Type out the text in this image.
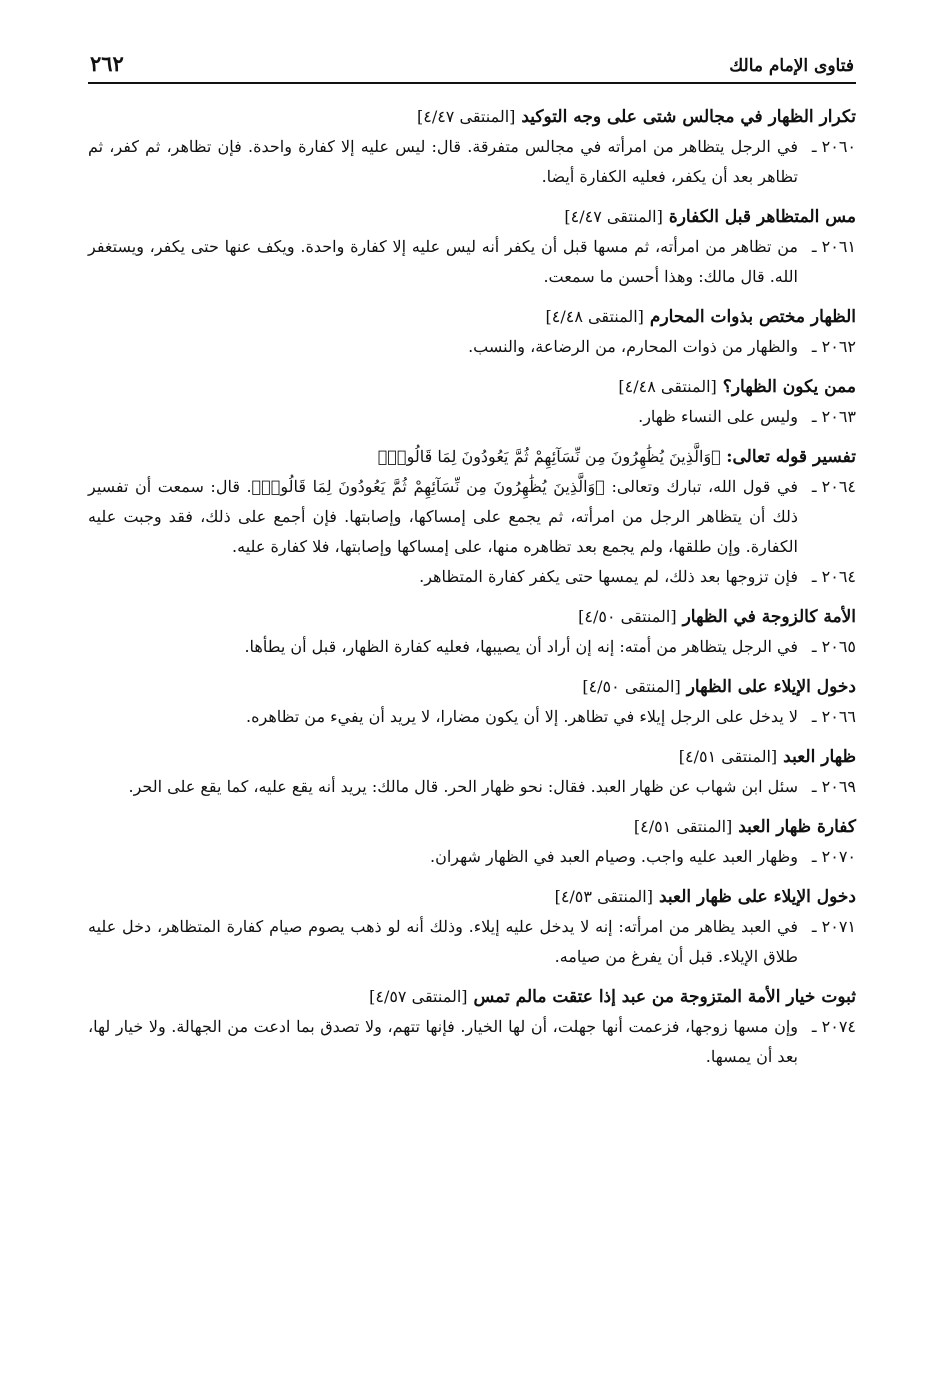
فتاوى الإمام مالك
٢٦٢

تكرار الظهار في مجالس شتى على وجه التوكيد[المنتقى ٤/٤٧]

٢٠٦٠ ـ
في الرجل يتظاهر من امرأته في مجالس متفرقة. قال: ليس عليه إلا كفارة واحدة. فإن تظاهر، ثم كفر، ثم تظاهر بعد أن يكفر، فعليه الكفارة أيضا.

مس المتظاهر قبل الكفارة[المنتقى ٤/٤٧]

٢٠٦١ ـ
من تظاهر من امرأته، ثم مسها قبل أن يكفر أنه ليس عليه إلا كفارة واحدة. ويكف عنها حتى يكفر، ويستغفر الله. قال مالك: وهذا أحسن ما سمعت.

الظهار مختص بذوات المحارم[المنتقى ٤/٤٨]

٢٠٦٢ ـ
والظهار من ذوات المحارم، من الرضاعة، والنسب.

ممن يكون الظهار؟[المنتقى ٤/٤٨]

٢٠٦٣ ـ
وليس على النساء ظهار.

تفسير قوله تعالى: ﴿وَالَّذِينَ يُظَٰهِرُونَ مِن نِّسَآئِهِمْ ثُمَّ يَعُودُونَ لِمَا قَالُوا۟﴾

٢٠٦٤ ـ
في قول الله، تبارك وتعالى: ﴿وَالَّذِينَ يُظَٰهِرُونَ مِن نِّسَآئِهِمْ ثُمَّ يَعُودُونَ لِمَا قَالُوا۟﴾. قال: سمعت أن تفسير ذلك أن يتظاهر الرجل من امرأته، ثم يجمع على إمساكها، وإصابتها. فإن أجمع على ذلك، فقد وجبت عليه الكفارة. وإن طلقها، ولم يجمع بعد تظاهره منها، على إمساكها وإصابتها، فلا كفارة عليه.

٢٠٦٤ ـ
فإن تزوجها بعد ذلك، لم يمسها حتى يكفر كفارة المتظاهر.

الأمة كالزوجة في الظهار[المنتقى ٤/٥٠]

٢٠٦٥ ـ
في الرجل يتظاهر من أمته: إنه إن أراد أن يصيبها، فعليه كفارة الظهار، قبل أن يطأها.

دخول الإيلاء على الظهار[المنتقى ٤/٥٠]

٢٠٦٦ ـ
لا يدخل على الرجل إيلاء في تظاهر. إلا أن يكون مضارا، لا يريد أن يفيء من تظاهره.

ظهار العبد[المنتقى ٤/٥١]

٢٠٦٩ ـ
سئل ابن شهاب عن ظهار العبد. فقال: نحو ظهار الحر. قال مالك: يريد أنه يقع عليه، كما يقع على الحر.

كفارة ظهار العبد[المنتقى ٤/٥١]

٢٠٧٠ ـ
وظهار العبد عليه واجب. وصيام العبد في الظهار شهران.

دخول الإيلاء على ظهار العبد[المنتقى ٤/٥٣]

٢٠٧١ ـ
في العبد يظاهر من امرأته: إنه لا يدخل عليه إيلاء. وذلك أنه لو ذهب يصوم صيام كفارة المتظاهر، دخل عليه طلاق الإيلاء. قبل أن يفرغ من صيامه.

ثبوت خيار الأمة المتزوجة من عبد إذا عتقت مالم تمس[المنتقى ٤/٥٧]

٢٠٧٤ ـ
وإن مسها زوجها، فزعمت أنها جهلت، أن لها الخيار. فإنها تتهم، ولا تصدق بما ادعت من الجهالة. ولا خيار لها، بعد أن يمسها.
